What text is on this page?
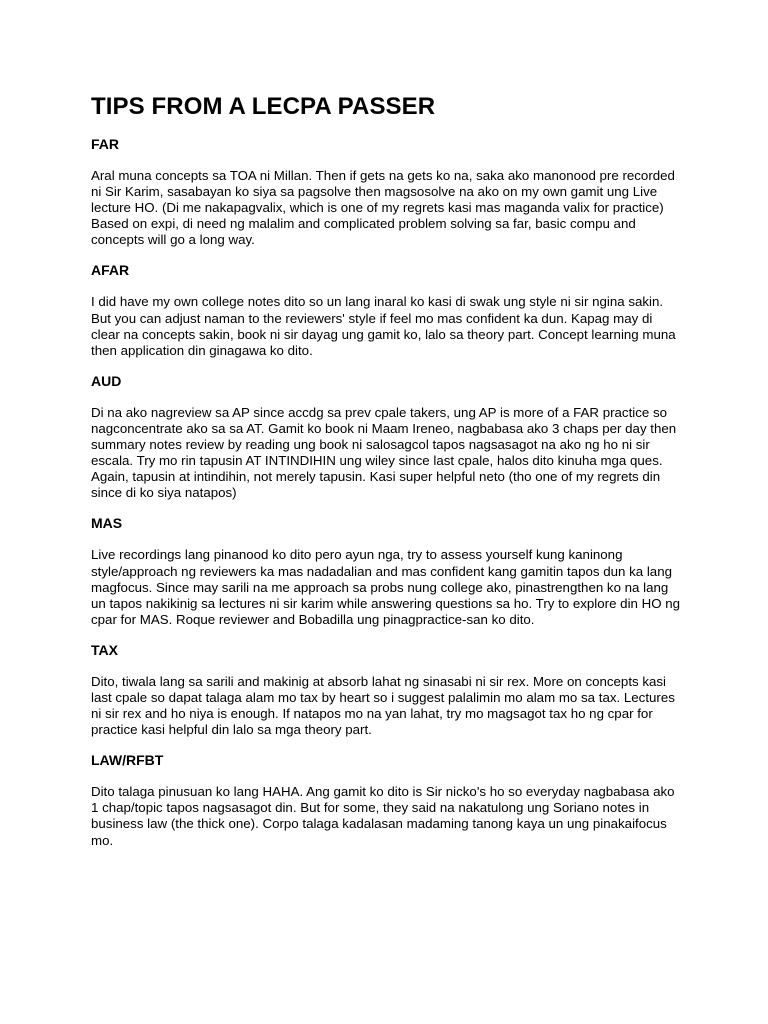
TIPS FROM A LECPA PASSER
FAR

Aral muna concepts sa TOA ni Millan. Then if gets na gets ko na, saka ako manonood pre recorded ni Sir Karim, sasabayan ko siya sa pagsolve then magsosolve na ako on my own gamit ung Live lecture HO. (Di me nakapagvalix, which is one of my regrets kasi mas maganda valix for practice) Based on expi, di need ng malalim and complicated problem solving sa far, basic compu and concepts will go a long way.

AFAR

I did have my own college notes dito so un lang inaral ko kasi di swak ung style ni sir ngina sakin. But you can adjust naman to the reviewers' style if feel mo mas confident ka dun. Kapag may di clear na concepts sakin, book ni sir dayag ung gamit ko, lalo sa theory part. Concept learning muna then application din ginagawa ko dito.

AUD

Di na ako nagreview sa AP since accdg sa prev cpale takers, ung AP is more of a FAR practice so nagconcentrate ako sa sa AT. Gamit ko book ni Maam Ireneo, nagbabasa ako 3 chaps per day then summary notes review by reading ung book ni salosagcol tapos nagsasagot na ako ng ho ni sir escala. Try mo rin tapusin AT INTINDIHIN ung wiley since last cpale, halos dito kinuha mga ques. Again, tapusin at intindihin, not merely tapusin. Kasi super helpful neto (tho one of my regrets din since di ko siya natapos)

MAS

Live recordings lang pinanood ko dito pero ayun nga, try to assess yourself kung kaninong style/approach ng reviewers ka mas nadadalian and mas confident kang gamitin tapos dun ka lang magfocus. Since may sarili na me approach sa probs nung college ako, pinastrengthen ko na lang un tapos nakikinig sa lectures ni sir karim while answering questions sa ho. Try to explore din HO ng cpar for MAS. Roque reviewer and Bobadilla ung pinagpractice-san ko dito.

TAX

Dito, tiwala lang sa sarili and makinig at absorb lahat ng sinasabi ni sir rex. More on concepts kasi last cpale so dapat talaga alam mo tax by heart so i suggest palalimin mo alam mo sa tax. Lectures ni sir rex and ho niya is enough. If natapos mo na yan lahat, try mo magsagot tax ho ng cpar for practice kasi helpful din lalo sa mga theory part.

LAW/RFBT

Dito talaga pinusuan ko lang HAHA. Ang gamit ko dito is Sir nicko's ho so everyday nagbabasa ako 1 chap/topic tapos nagsasagot din. But for some, they said na nakatulong ung Soriano notes in business law (the thick one). Corpo talaga kadalasan madaming tanong kaya un ung pinakaifocus mo.
